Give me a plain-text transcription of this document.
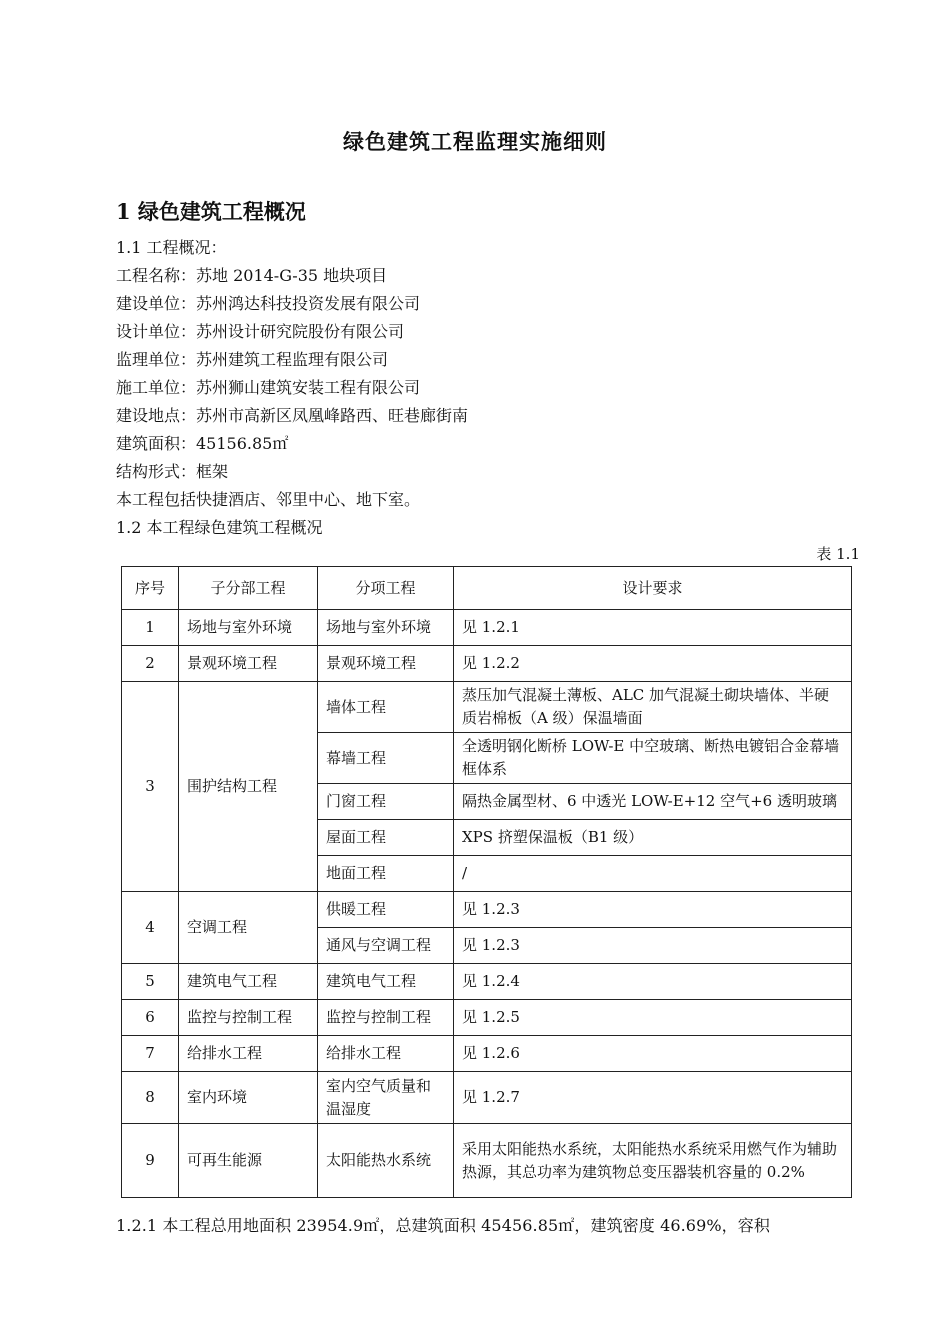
绿色建筑工程监理实施细则
1 绿色建筑工程概况
1.1 工程概况：
工程名称：苏地 2014-G-35 地块项目
建设单位：苏州鸿达科技投资发展有限公司
设计单位：苏州设计研究院股份有限公司
监理单位：苏州建筑工程监理有限公司
施工单位：苏州狮山建筑安装工程有限公司
建设地点：苏州市高新区凤凰峰路西、旺巷廊街南
建筑面积：45156.85㎡
结构形式：框架
本工程包括快捷酒店、邻里中心、地下室。
1.2 本工程绿色建筑工程概况
表 1.1
序号	子分部工程	分项工程	设计要求
1	场地与室外环境	场地与室外环境	见 1.2.1
2	景观环境工程	景观环境工程	见 1.2.2
3	围护结构工程	墙体工程	蒸压加气混凝土薄板、ALC 加气混凝土砌块墙体、半硬质岩棉板（A 级）保温墙面
		幕墙工程	全透明钢化断桥 LOW-E 中空玻璃、断热电镀铝合金幕墙框体系
		门窗工程	隔热金属型材、6 中透光 LOW-E+12 空气+6 透明玻璃
		屋面工程	XPS 挤塑保温板（B1 级）
		地面工程	/
4	空调工程	供暖工程	见 1.2.3
		通风与空调工程	见 1.2.3
5	建筑电气工程	建筑电气工程	见 1.2.4
6	监控与控制工程	监控与控制工程	见 1.2.5
7	给排水工程	给排水工程	见 1.2.6
8	室内环境	室内空气质量和温湿度	见 1.2.7
9	可再生能源	太阳能热水系统	采用太阳能热水系统，太阳能热水系统采用燃气作为辅助热源，其总功率为建筑物总变压器装机容量的 0.2%
1.2.1 本工程总用地面积 23954.9㎡，总建筑面积 45456.85㎡，建筑密度 46.69%，容积
